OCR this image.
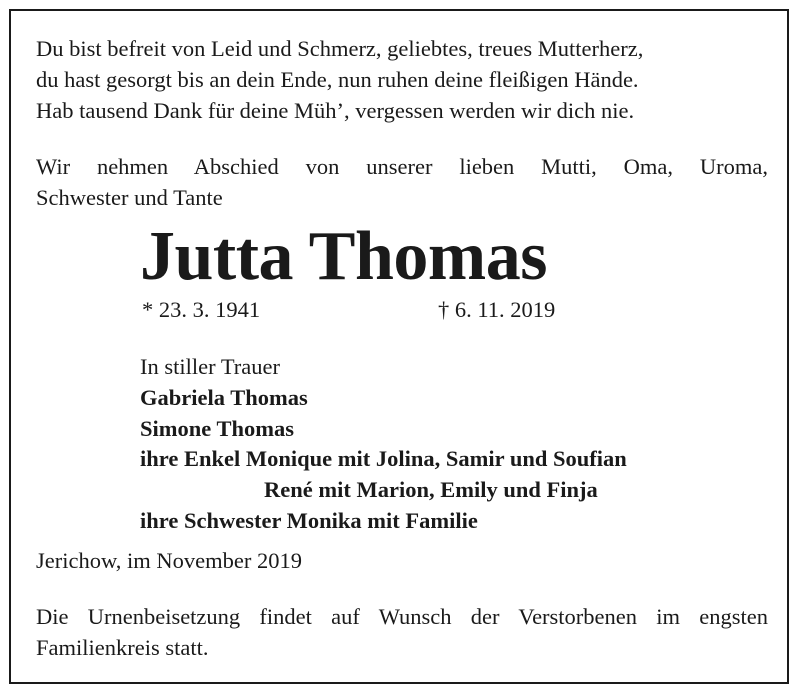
Du bist befreit von Leid und Schmerz, geliebtes, treues Mutterherz,
du hast gesorgt bis an dein Ende, nun ruhen deine fleißigen Hände.
Hab tausend Dank für deine Müh’, vergessen werden wir dich nie.
Wir nehmen Abschied von unserer lieben Mutti, Oma, Uroma,
Schwester und Tante
Jutta Thomas
* 23. 3. 1941	† 6. 11. 2019
In stiller Trauer
Gabriela Thomas
Simone Thomas
ihre Enkel Monique mit Jolina, Samir und Soufian
René mit Marion, Emily und Finja
ihre Schwester Monika mit Familie
Jerichow, im November 2019
Die Urnenbeisetzung findet auf Wunsch der Verstorbenen im engsten
Familienkreis statt.
